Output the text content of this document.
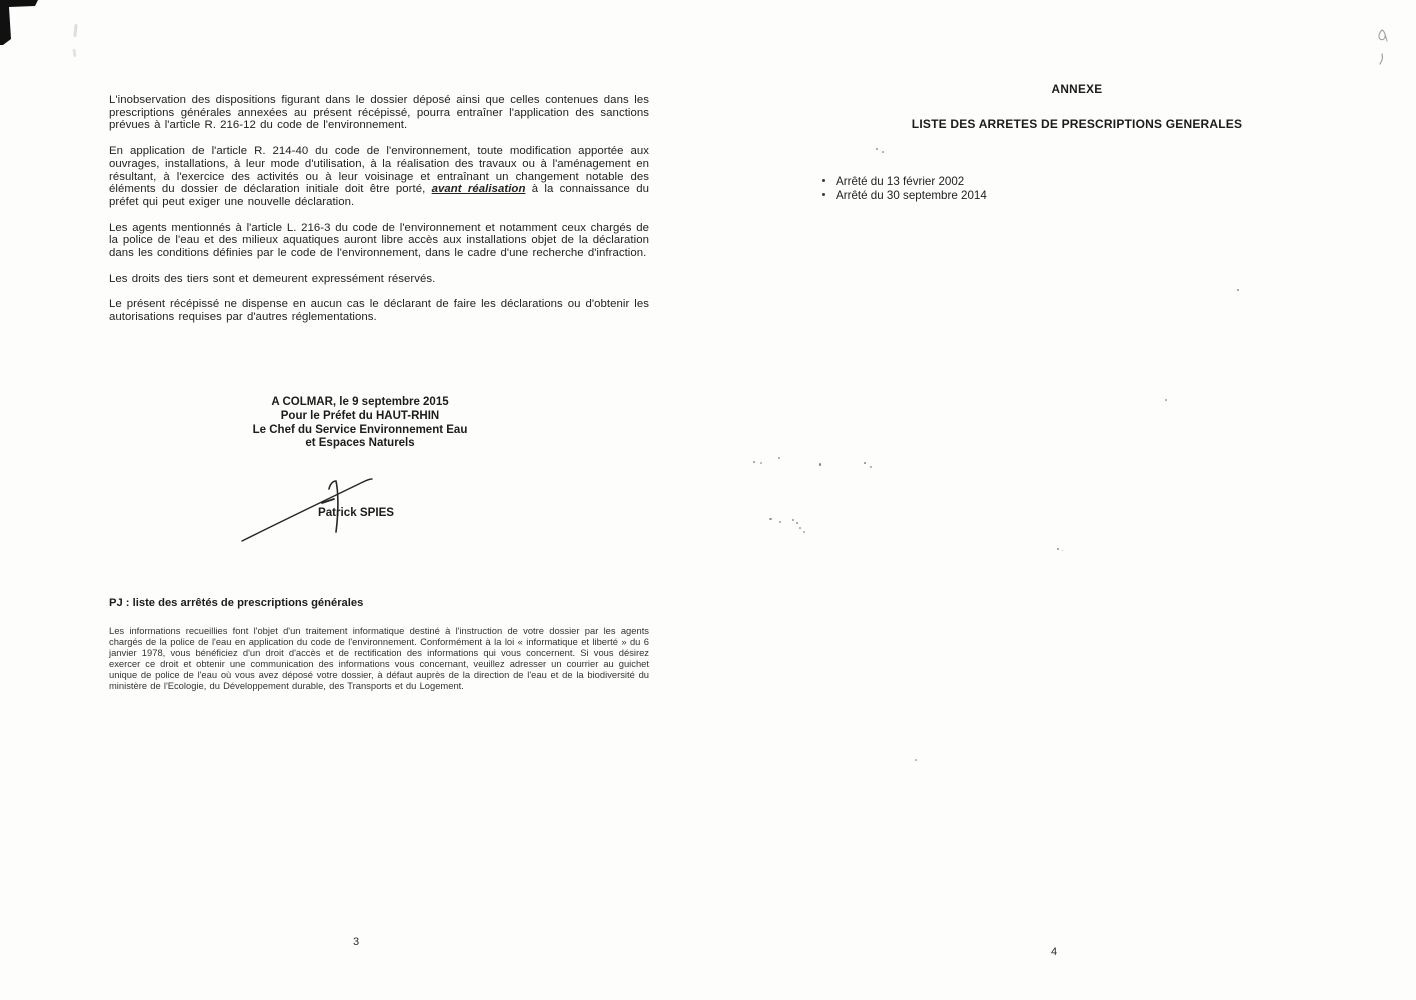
L'inobservation des dispositions figurant dans le dossier déposé ainsi que celles contenues dans les prescriptions générales annexées au présent récépissé, pourra entraîner l'application des sanctions prévues à l'article R. 216-12 du code de l'environnement.

En application de l'article R. 214-40 du code de l'environnement, toute modification apportée aux ouvrages, installations, à leur mode d'utilisation, à la réalisation des travaux ou à l'aménagement en résultant, à l'exercice des activités ou à leur voisinage et entraînant un changement notable des éléments du dossier de déclaration initiale doit être porté, avant réalisation à la connaissance du préfet qui peut exiger une nouvelle déclaration.

Les agents mentionnés à l'article L. 216-3 du code de l'environnement et notamment ceux chargés de la police de l'eau et des milieux aquatiques auront libre accès aux installations objet de la déclaration dans les conditions définies par le code de l'environnement, dans le cadre d'une recherche d'infraction.

Les droits des tiers sont et demeurent expressément réservés.

Le présent récépissé ne dispense en aucun cas le déclarant de faire les déclarations ou d'obtenir les autorisations requises par d'autres réglementations.

A COLMAR, le 9 septembre 2015
Pour le Préfet du HAUT-RHIN
Le Chef du Service Environnement Eau
et Espaces Naturels
Patrick SPIES
PJ : liste des arrêtés de prescriptions générales
Les informations recueillies font l'objet d'un traitement informatique destiné à l'instruction de votre dossier par les agents chargés de la police de l'eau en application du code de l'environnement. Conformément à la loi « informatique et liberté » du 6 janvier 1978, vous bénéficiez d'un droit d'accès et de rectification des informations qui vous concernent. Si vous désirez exercer ce droit et obtenir une communication des informations vous concernant, veuillez adresser un courrier au guichet unique de police de l'eau où vous avez déposé votre dossier, à défaut auprès de la direction de l'eau et de la biodiversité du ministère de l'Ecologie, du Développement durable, des Transports et du Logement.
3
ANNEXE
LISTE DES ARRETES DE PRESCRIPTIONS GENERALES
Arrêté du 13 février 2002
Arrêté du 30 septembre 2014
4
